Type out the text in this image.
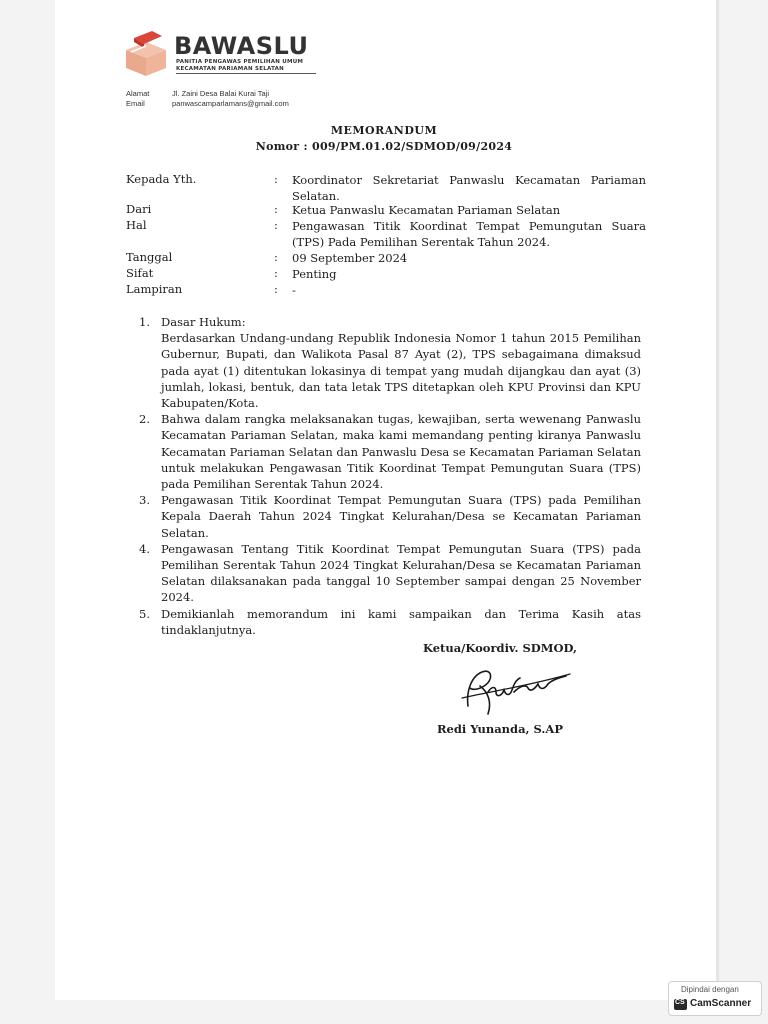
BAWASLU
PANITIA PENGAWAS PEMILIHAN UMUM
KECAMATAN PARIAMAN SELATAN
Alamat	Jl. Zaini Desa Balai Kurai Taji
Email	panwascamparlamans@gmail.com
MEMORANDUM
Nomor : 009/PM.01.02/SDMOD/09/2024
Kepada Yth.	: Koordinator Sekretariat Panwaslu Kecamatan Pariaman Selatan.
Dari	: Ketua Panwaslu Kecamatan Pariaman Selatan
Hal	: Pengawasan Titik Koordinat Tempat Pemungutan Suara (TPS) Pada Pemilihan Serentak Tahun 2024.
Tanggal	: 09 September 2024
Sifat	: Penting
Lampiran	: -
1. Dasar Hukum:
Berdasarkan Undang-undang Republik Indonesia Nomor 1 tahun 2015 Pemilihan Gubernur, Bupati, dan Walikota Pasal 87 Ayat (2), TPS sebagaimana dimaksud pada ayat (1) ditentukan lokasinya di tempat yang mudah dijangkau dan ayat (3) jumlah, lokasi, bentuk, dan tata letak TPS ditetapkan oleh KPU Provinsi dan KPU Kabupaten/Kota.
2. Bahwa dalam rangka melaksanakan tugas, kewajiban, serta wewenang Panwaslu Kecamatan Pariaman Selatan, maka kami memandang penting kiranya Panwaslu Kecamatan Pariaman Selatan dan Panwaslu Desa se Kecamatan Pariaman Selatan untuk melakukan Pengawasan Titik Koordinat Tempat Pemungutan Suara (TPS) pada Pemilihan Serentak Tahun 2024.
3. Pengawasan Titik Koordinat Tempat Pemungutan Suara (TPS) pada Pemilihan Kepala Daerah Tahun 2024 Tingkat Kelurahan/Desa se Kecamatan Pariaman Selatan.
4. Pengawasan Tentang Titik Koordinat Tempat Pemungutan Suara (TPS) pada Pemilihan Serentak Tahun 2024 Tingkat Kelurahan/Desa se Kecamatan Pariaman Selatan dilaksanakan pada tanggal 10 September sampai dengan 25 November 2024.
5. Demikianlah memorandum ini kami sampaikan dan Terima Kasih atas tindaklanjutnya.
Ketua/Koordiv. SDMOD,
Redi Yunanda, S.AP
Dipindai dengan
CS CamScanner
